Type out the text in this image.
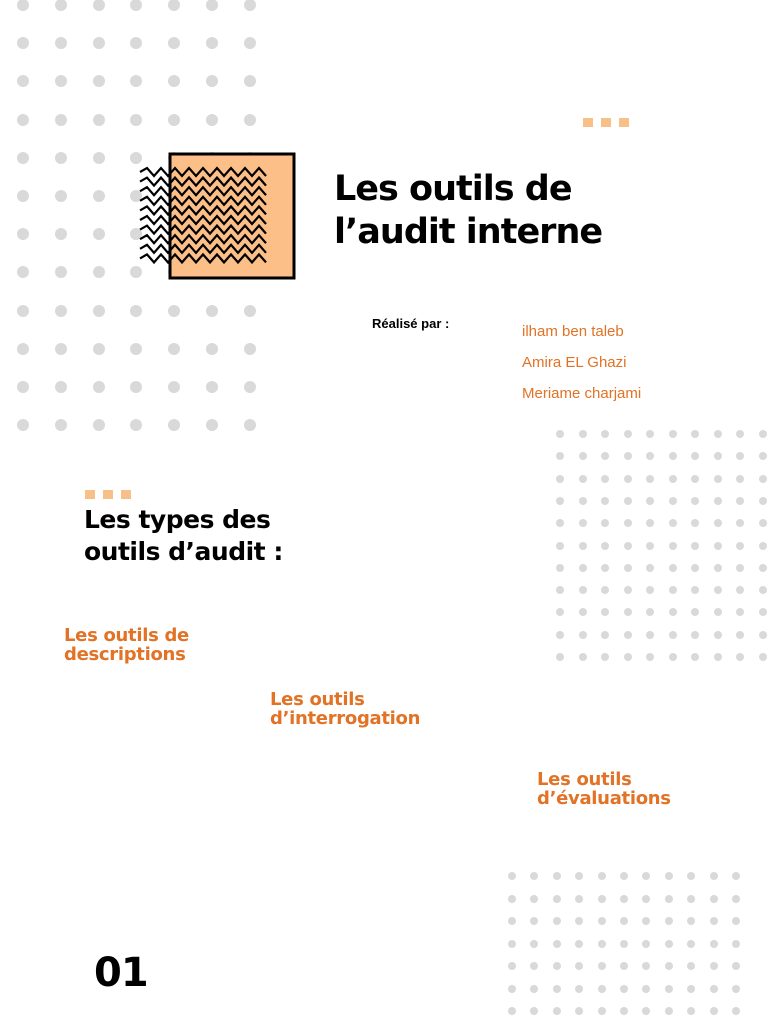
Les outils de
l’audit interne
Réalisé par :	ilham ben taleb
Amira EL Ghazi
Meriame charjami
Les types des
outils d’audit :
Les outils de
descriptions
Les outils
d’interrogation
Les outils
d’évaluations
01
